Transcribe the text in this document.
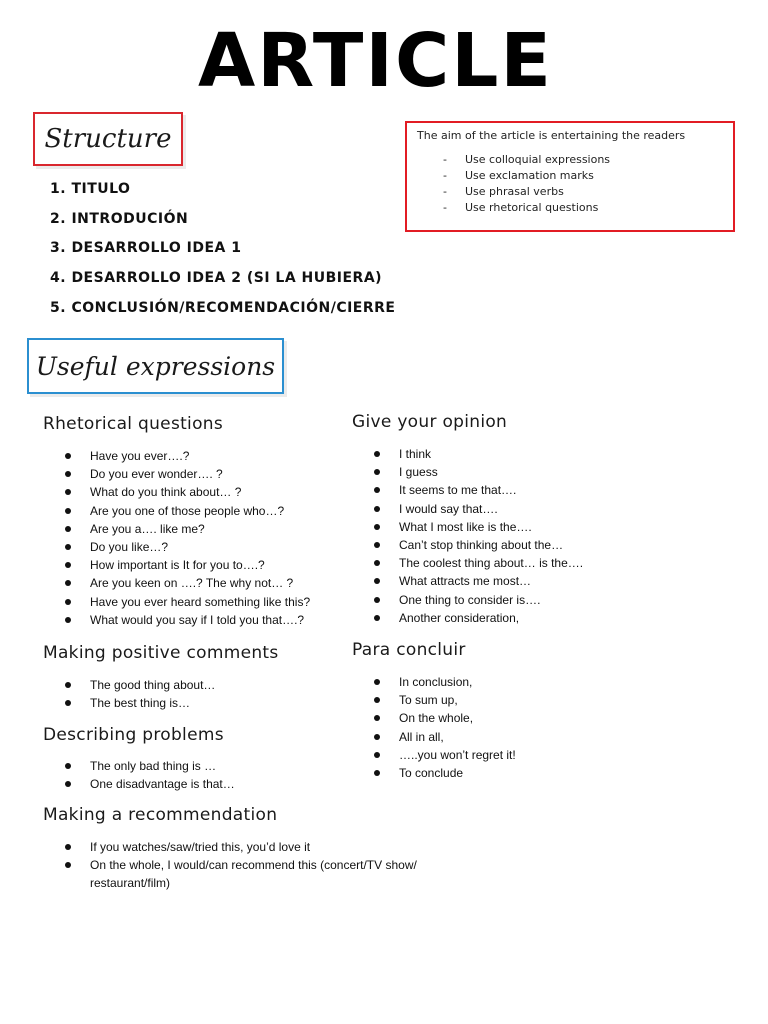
ARTICLE
Structure	The aim of the article is entertaining the readers

- Use colloquial expressions
- Use exclamation marks
- Use phrasal verbs
- Use rhetorical questions
1. TITULO
2. INTRODUCIÓN
3. DESARROLLO IDEA 1
4. DESARROLLO IDEA 2 (SI LA HUBIERA)
5. CONCLUSIÓN/RECOMENDACIÓN/CIERRE
Useful expressions
Rhetorical questions
Have you ever….?
Do you ever wonder…. ?
What do you think about… ?
Are you one of those people who…?
Are you a…. like me?
Do you like…?
How important is It for you to….?
Are you keen on ….? The why not… ?
Have you ever heard something like this?
What would you say if I told you that….?
Making positive comments
The good thing about…
The best thing is…
Describing problems
The only bad thing is …
One disadvantage is that…
Making a recommendation
If you watches/saw/tried this, you’d love it
On the whole, I would/can recommend this (concert/TV show/ restaurant/film)
Give your opinion
I think
I guess
It seems to me that….
I would say that….
What I most like is the….
Can’t stop thinking about the…
The coolest thing about… is the….
What attracts me most…
One thing to consider is….
Another consideration,
Para concluir
In conclusion,
To sum up,
On the whole,
All in all,
…..you won’t regret it!
To conclude
